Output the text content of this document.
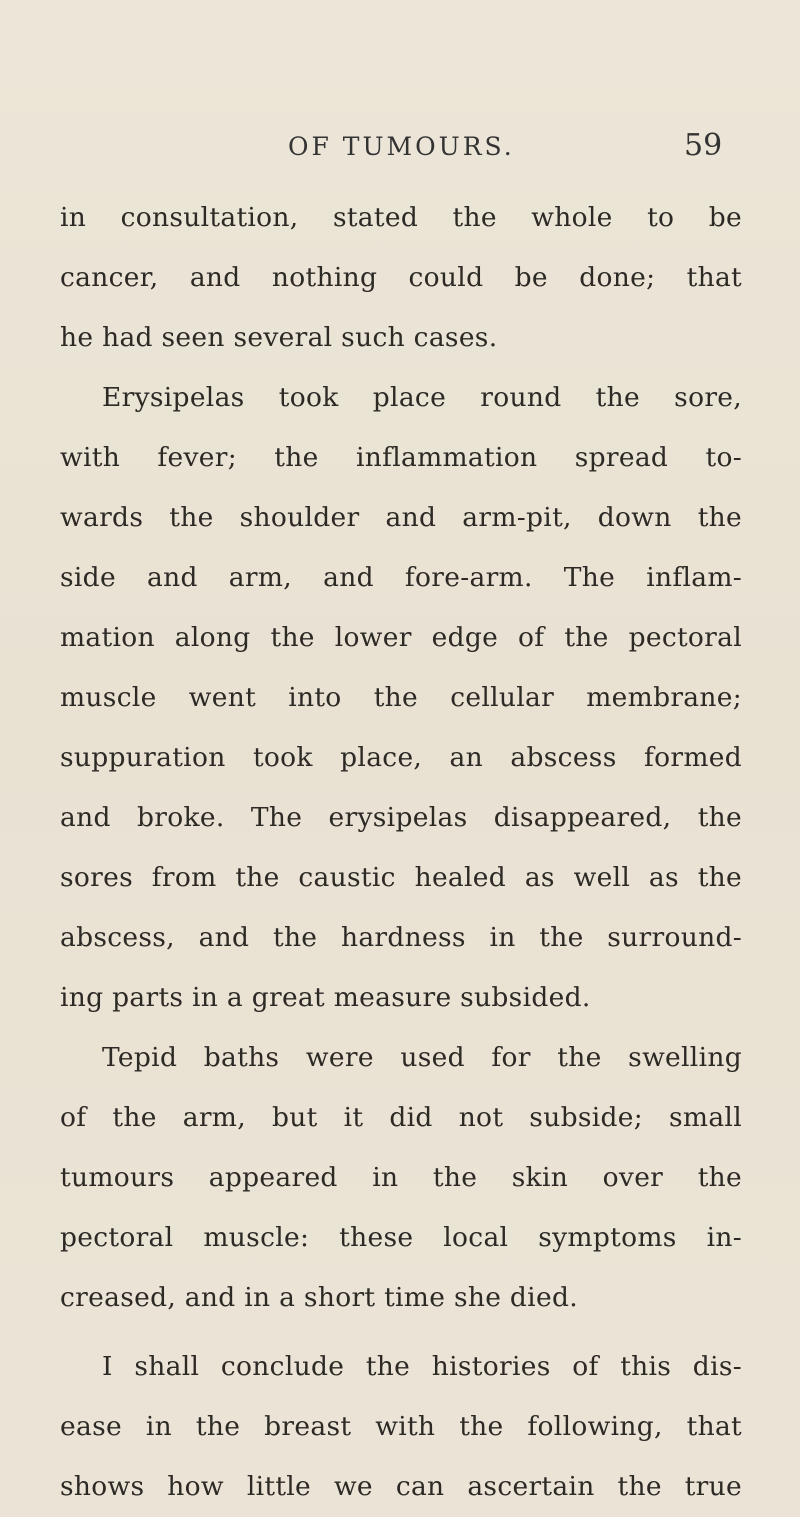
OF TUMOURS.	59
in consultation, stated the whole to be
cancer, and nothing could be done; that
he had seen several such cases.
Erysipelas took place round the sore,
with fever; the inflammation spread to-
wards the shoulder and arm-pit, down the
side and arm, and fore-arm. The inflam-
mation along the lower edge of the pectoral
muscle went into the cellular membrane;
suppuration took place, an abscess formed
and broke. The erysipelas disappeared, the
sores from the caustic healed as well as the
abscess, and the hardness in the surround-
ing parts in a great measure subsided.
Tepid baths were used for the swelling
of the arm, but it did not subside; small
tumours appeared in the skin over the
pectoral muscle: these local symptoms in-
creased, and in a short time she died.
I shall conclude the histories of this dis-
ease in the breast with the following, that
shows how little we can ascertain the true
